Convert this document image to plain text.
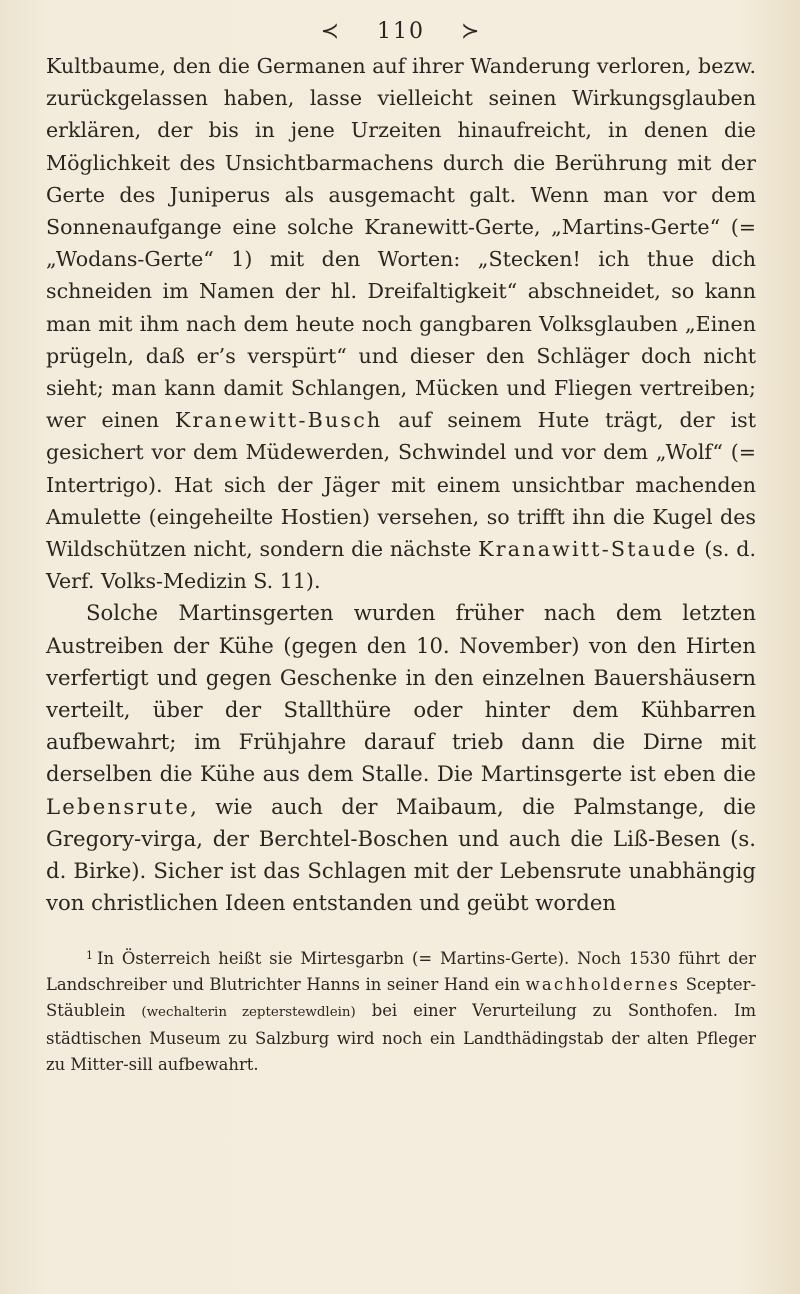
≺ 110 ≻

Kultbaume, den die Germanen auf ihrer Wanderung verloren, bezw. zurückgelassen haben, lasse vielleicht seinen Wirkungsglauben erklären, der bis in jene Urzeiten hinaufreicht, in denen die Möglichkeit des Unsichtbarmachens durch die Berührung mit der Gerte des Juniperus als ausgemacht galt. Wenn man vor dem Sonnenaufgange eine solche Kranewitt-Gerte, „Martins-Gerte“ (= „Wodans-Gerte“ 1) mit den Worten: „Stecken! ich thue dich schneiden im Namen der hl. Dreifaltigkeit“ abschneidet, so kann man mit ihm nach dem heute noch gangbaren Volksglauben „Einen prügeln, daß er’s verspürt“ und dieser den Schläger doch nicht sieht; man kann damit Schlangen, Mücken und Fliegen vertreiben; wer einen Kranewitt-Busch auf seinem Hute trägt, der ist gesichert vor dem Müdewerden, Schwindel und vor dem „Wolf“ (= Intertrigo). Hat sich der Jäger mit einem unsichtbar machenden Amulette (eingeheilte Hostien) versehen, so trifft ihn die Kugel des Wildschützen nicht, sondern die nächste Kranawitt-Staude (s. d. Verf. Volks-Medizin S. 11).

Solche Martinsgerten wurden früher nach dem letzten Austreiben der Kühe (gegen den 10. November) von den Hirten verfertigt und gegen Geschenke in den einzelnen Bauershäusern verteilt, über der Stallthüre oder hinter dem Kühbarren aufbewahrt; im Frühjahre darauf trieb dann die Dirne mit derselben die Kühe aus dem Stalle. Die Martinsgerte ist eben die Lebensrute, wie auch der Maibaum, die Palmstange, die Gregory-virga, der Berchtel-Boschen und auch die Liß-Besen (s. d. Birke). Sicher ist das Schlagen mit der Lebensrute unabhängig von christlichen Ideen entstanden und geübt worden

$^1$ In Österreich heißt sie Mirtesgarbn (= Martins-Gerte). Noch 1530 führt der Landschreiber und Blutrichter Hanns in seiner Hand ein wachholdernes Scepter-Stäublein (wechalterin zepterstewdlein) bei einer Verurteilung zu Sonthofen. Im städtischen Museum zu Salzburg wird noch ein Landthädingstab der alten Pfleger zu Mitter-sill aufbewahrt.
